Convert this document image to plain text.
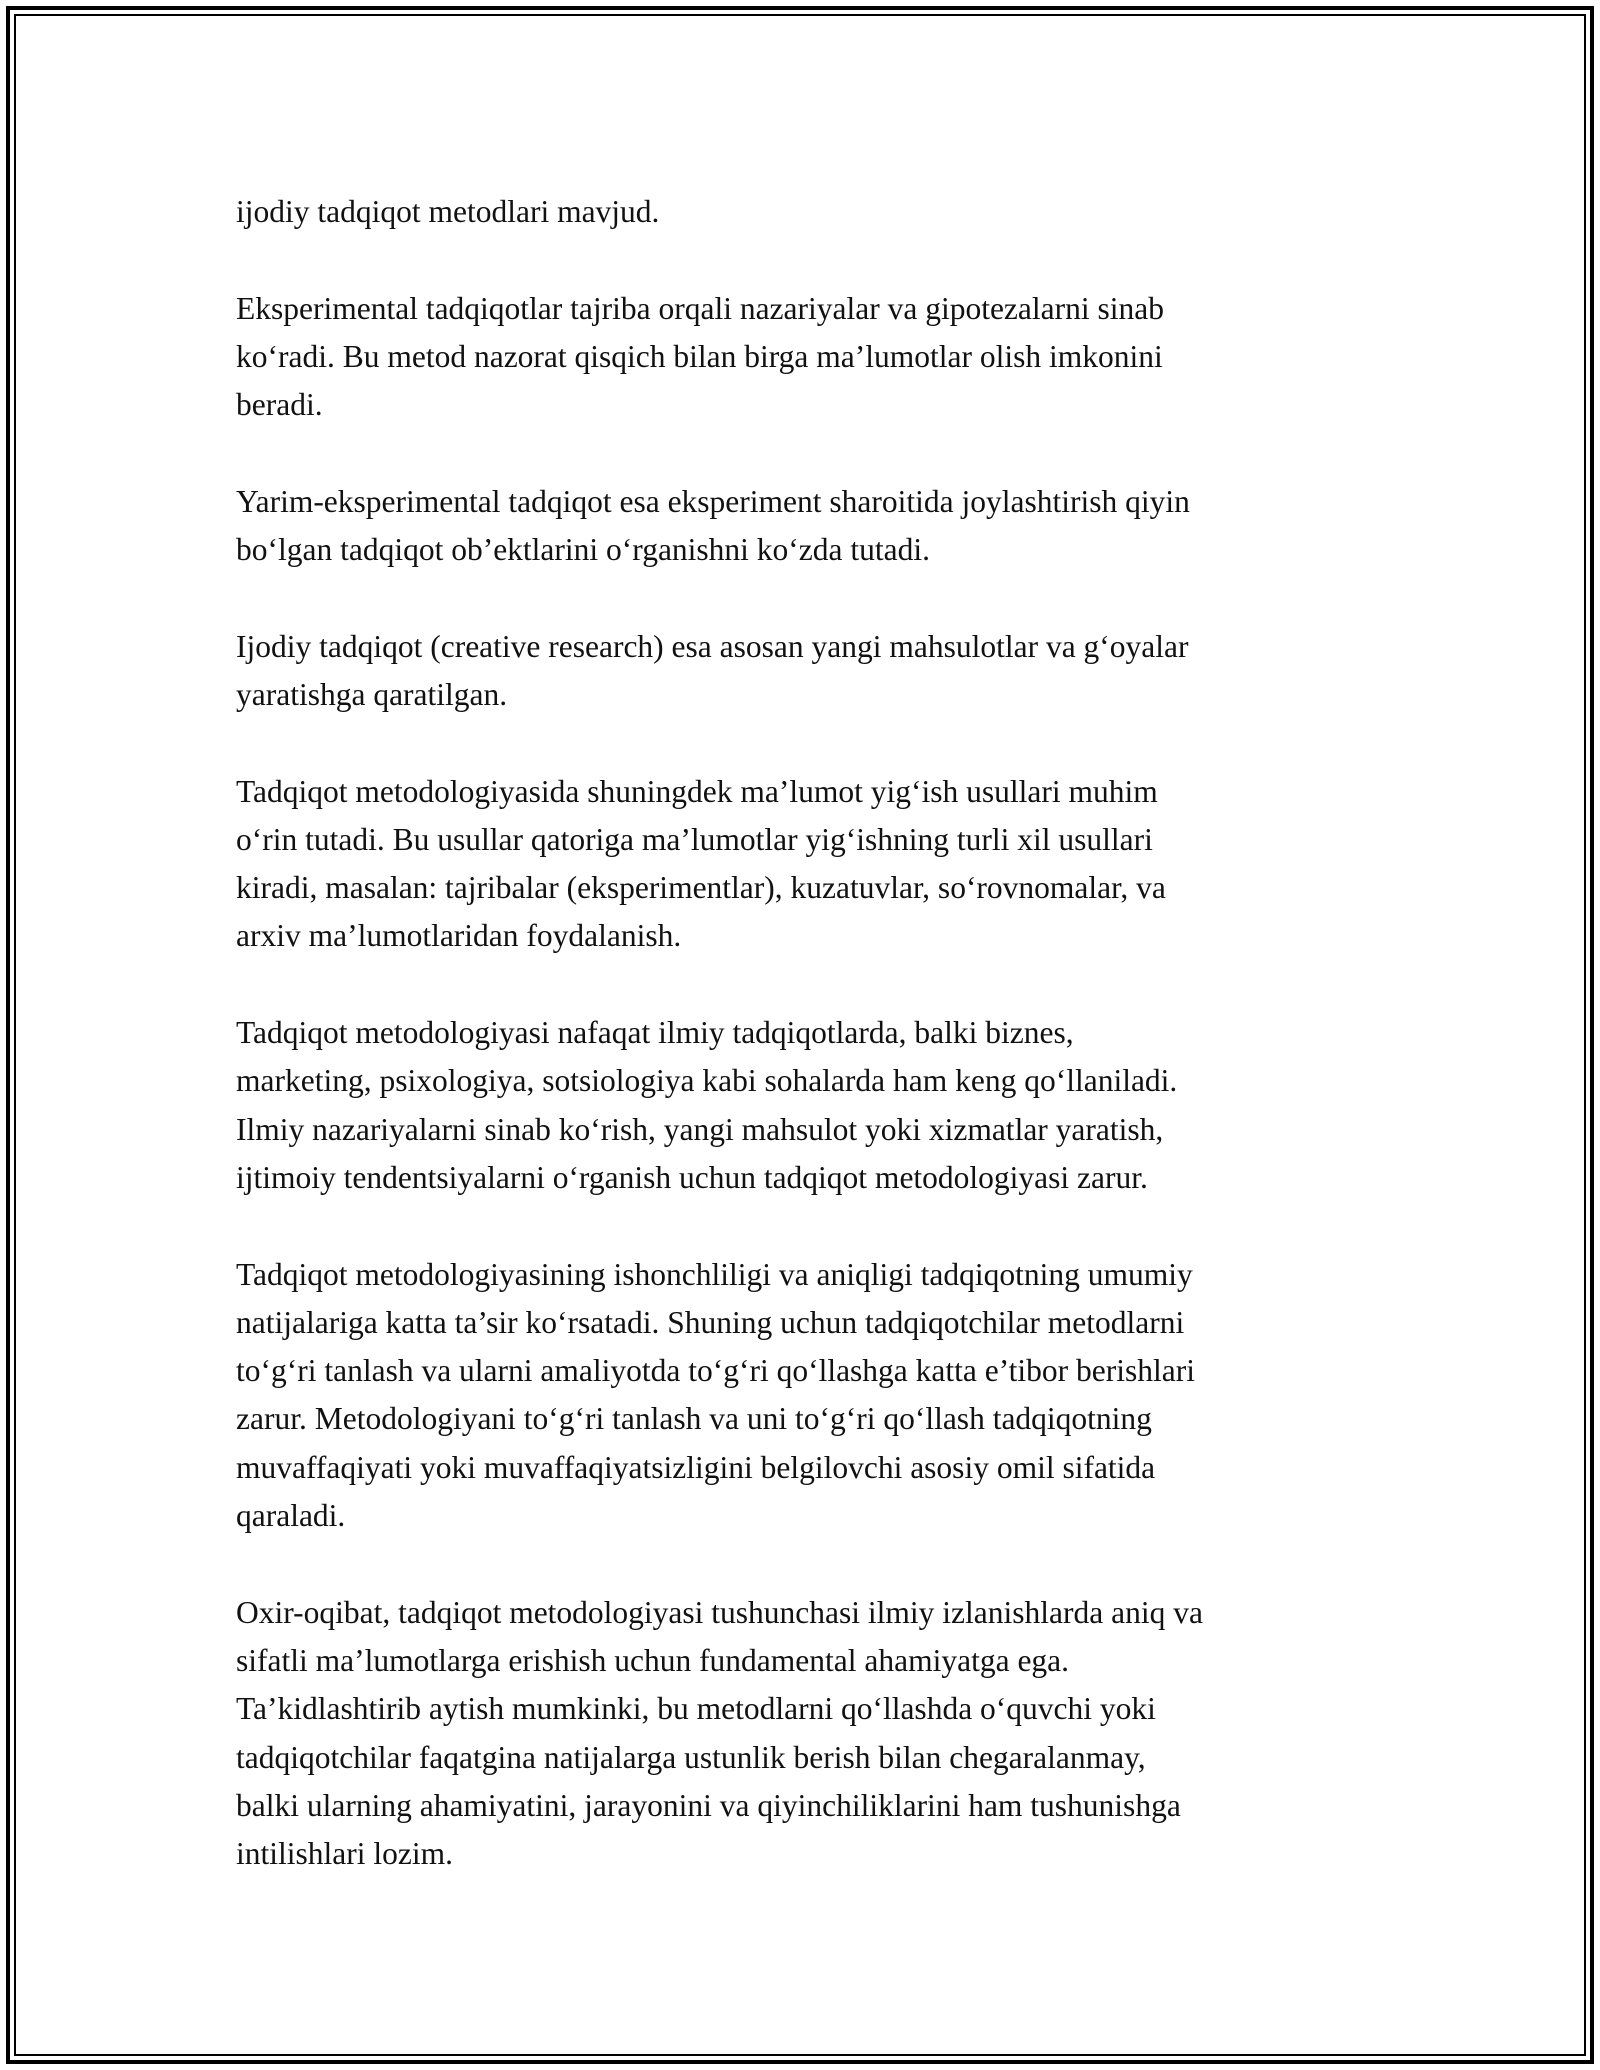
ijodiy tadqiqot metodlari mavjud.

Eksperimental tadqiqotlar tajriba orqali nazariyalar va gipotezalarni sinab
ko‘radi. Bu metod nazorat qisqich bilan birga ma’lumotlar olish imkonini
beradi.

Yarim-eksperimental tadqiqot esa eksperiment sharoitida joylashtirish qiyin
bo‘lgan tadqiqot ob’ektlarini o‘rganishni ko‘zda tutadi.

Ijodiy tadqiqot (creative research) esa asosan yangi mahsulotlar va g‘oyalar
yaratishga qaratilgan.

Tadqiqot metodologiyasida shuningdek ma’lumot yig‘ish usullari muhim
o‘rin tutadi. Bu usullar qatoriga ma’lumotlar yig‘ishning turli xil usullari
kiradi, masalan: tajribalar (eksperimentlar), kuzatuvlar, so‘rovnomalar, va
arxiv ma’lumotlaridan foydalanish.

Tadqiqot metodologiyasi nafaqat ilmiy tadqiqotlarda, balki biznes,
marketing, psixologiya, sotsiologiya kabi sohalarda ham keng qo‘llaniladi.
Ilmiy nazariyalarni sinab ko‘rish, yangi mahsulot yoki xizmatlar yaratish,
ijtimoiy tendentsiyalarni o‘rganish uchun tadqiqot metodologiyasi zarur.

Tadqiqot metodologiyasining ishonchliligi va aniqligi tadqiqotning umumiy
natijalariga katta ta’sir ko‘rsatadi. Shuning uchun tadqiqotchilar metodlarni
to‘g‘ri tanlash va ularni amaliyotda to‘g‘ri qo‘llashga katta e’tibor berishlari
zarur. Metodologiyani to‘g‘ri tanlash va uni to‘g‘ri qo‘llash tadqiqotning
muvaffaqiyati yoki muvaffaqiyatsizligini belgilovchi asosiy omil sifatida
qaraladi.

Oxir-oqibat, tadqiqot metodologiyasi tushunchasi ilmiy izlanishlarda aniq va
sifatli ma’lumotlarga erishish uchun fundamental ahamiyatga ega.
Ta’kidlashtirib aytish mumkinki, bu metodlarni qo‘llashda o‘quvchi yoki
tadqiqotchilar faqatgina natijalarga ustunlik berish bilan chegaralanmay,
balki ularning ahamiyatini, jarayonini va qiyinchiliklarini ham tushunishga
intilishlari lozim.
